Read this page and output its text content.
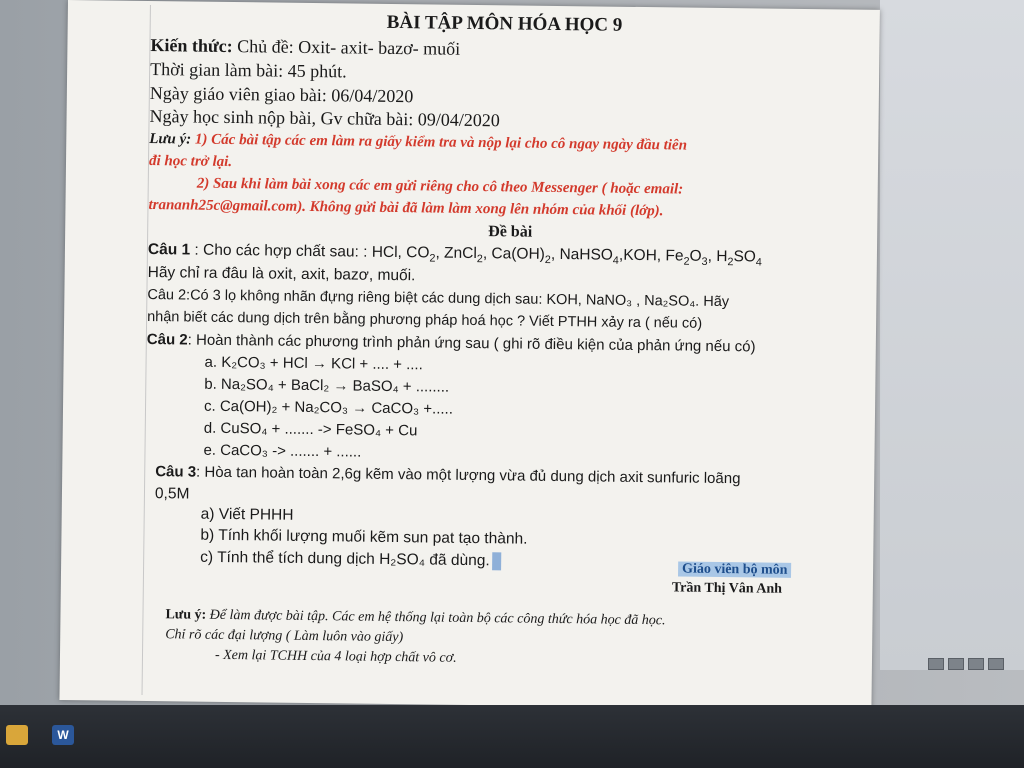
BÀI TẬP MÔN HÓA HỌC 9
Kiến thức: Chủ đề: Oxit- axit- bazơ- muối
Thời gian làm bài: 45 phút.
Ngày giáo viên giao bài: 06/04/2020
Ngày học sinh nộp bài, Gv chữa bài: 09/04/2020
Lưu ý: 1) Các bài tập các em làm ra giấy kiểm tra và nộp lại cho cô ngay ngày đầu tiên
đi học trở lại.
2) Sau khi làm bài xong các em gửi riêng cho cô theo Messenger ( hoặc email:
trananh25c@gmail.com). Không gửi bài đã làm làm xong lên nhóm của khối (lớp).
Đề bài
Câu 1 : Cho các hợp chất sau: : HCl, $CO_2$, ZnCl$_2$, $Ca(OH)_2$, NaHSO$_4$,KOH, $Fe_2O_3$, $H_2SO_4$
Hãy chỉ ra đâu là oxit, axit, bazơ, muối.
Câu 2:Có 3 lọ không nhãn đựng riêng biệt các dung dịch sau: KOH, NaNO₃ , Na₂SO₄. Hãy
nhận biết các dung dịch trên bằng phương pháp hoá học ? Viết PTHH xảy ra ( nếu có)
Câu 2: Hoàn thành các phương trình phản ứng sau ( ghi rõ điều kiện của phản ứng nếu có)
a. K₂CO₃ + HCl → KCl + .... + ....
b. Na₂SO₄ + BaCl₂ → BaSO₄ + ........
c. Ca(OH)₂ + Na₂CO₃ → CaCO₃ +.....
d. CuSO₄ + ....... -> FeSO₄ + Cu
e. CaCO₃ -> ....... + ......
Câu 3: Hòa tan hoàn toàn 2,6g kẽm vào một lượng vừa đủ dung dịch axit sunfuric loãng
0,5M
a) Viết PHHH
b) Tính khối lượng muối kẽm sun pat tạo thành.
c) Tính thể tích dung dịch H₂SO₄ đã dùng.
Giáo viên bộ môn
Trần Thị Vân Anh
Lưu ý: Để làm được bài tập. Các em hệ thống lại toàn bộ các công thức hóa học đã học.
Chỉ rõ các đại lượng ( Làm luôn vào giấy)
- Xem lại TCHH của 4 loại hợp chất vô cơ.
W
